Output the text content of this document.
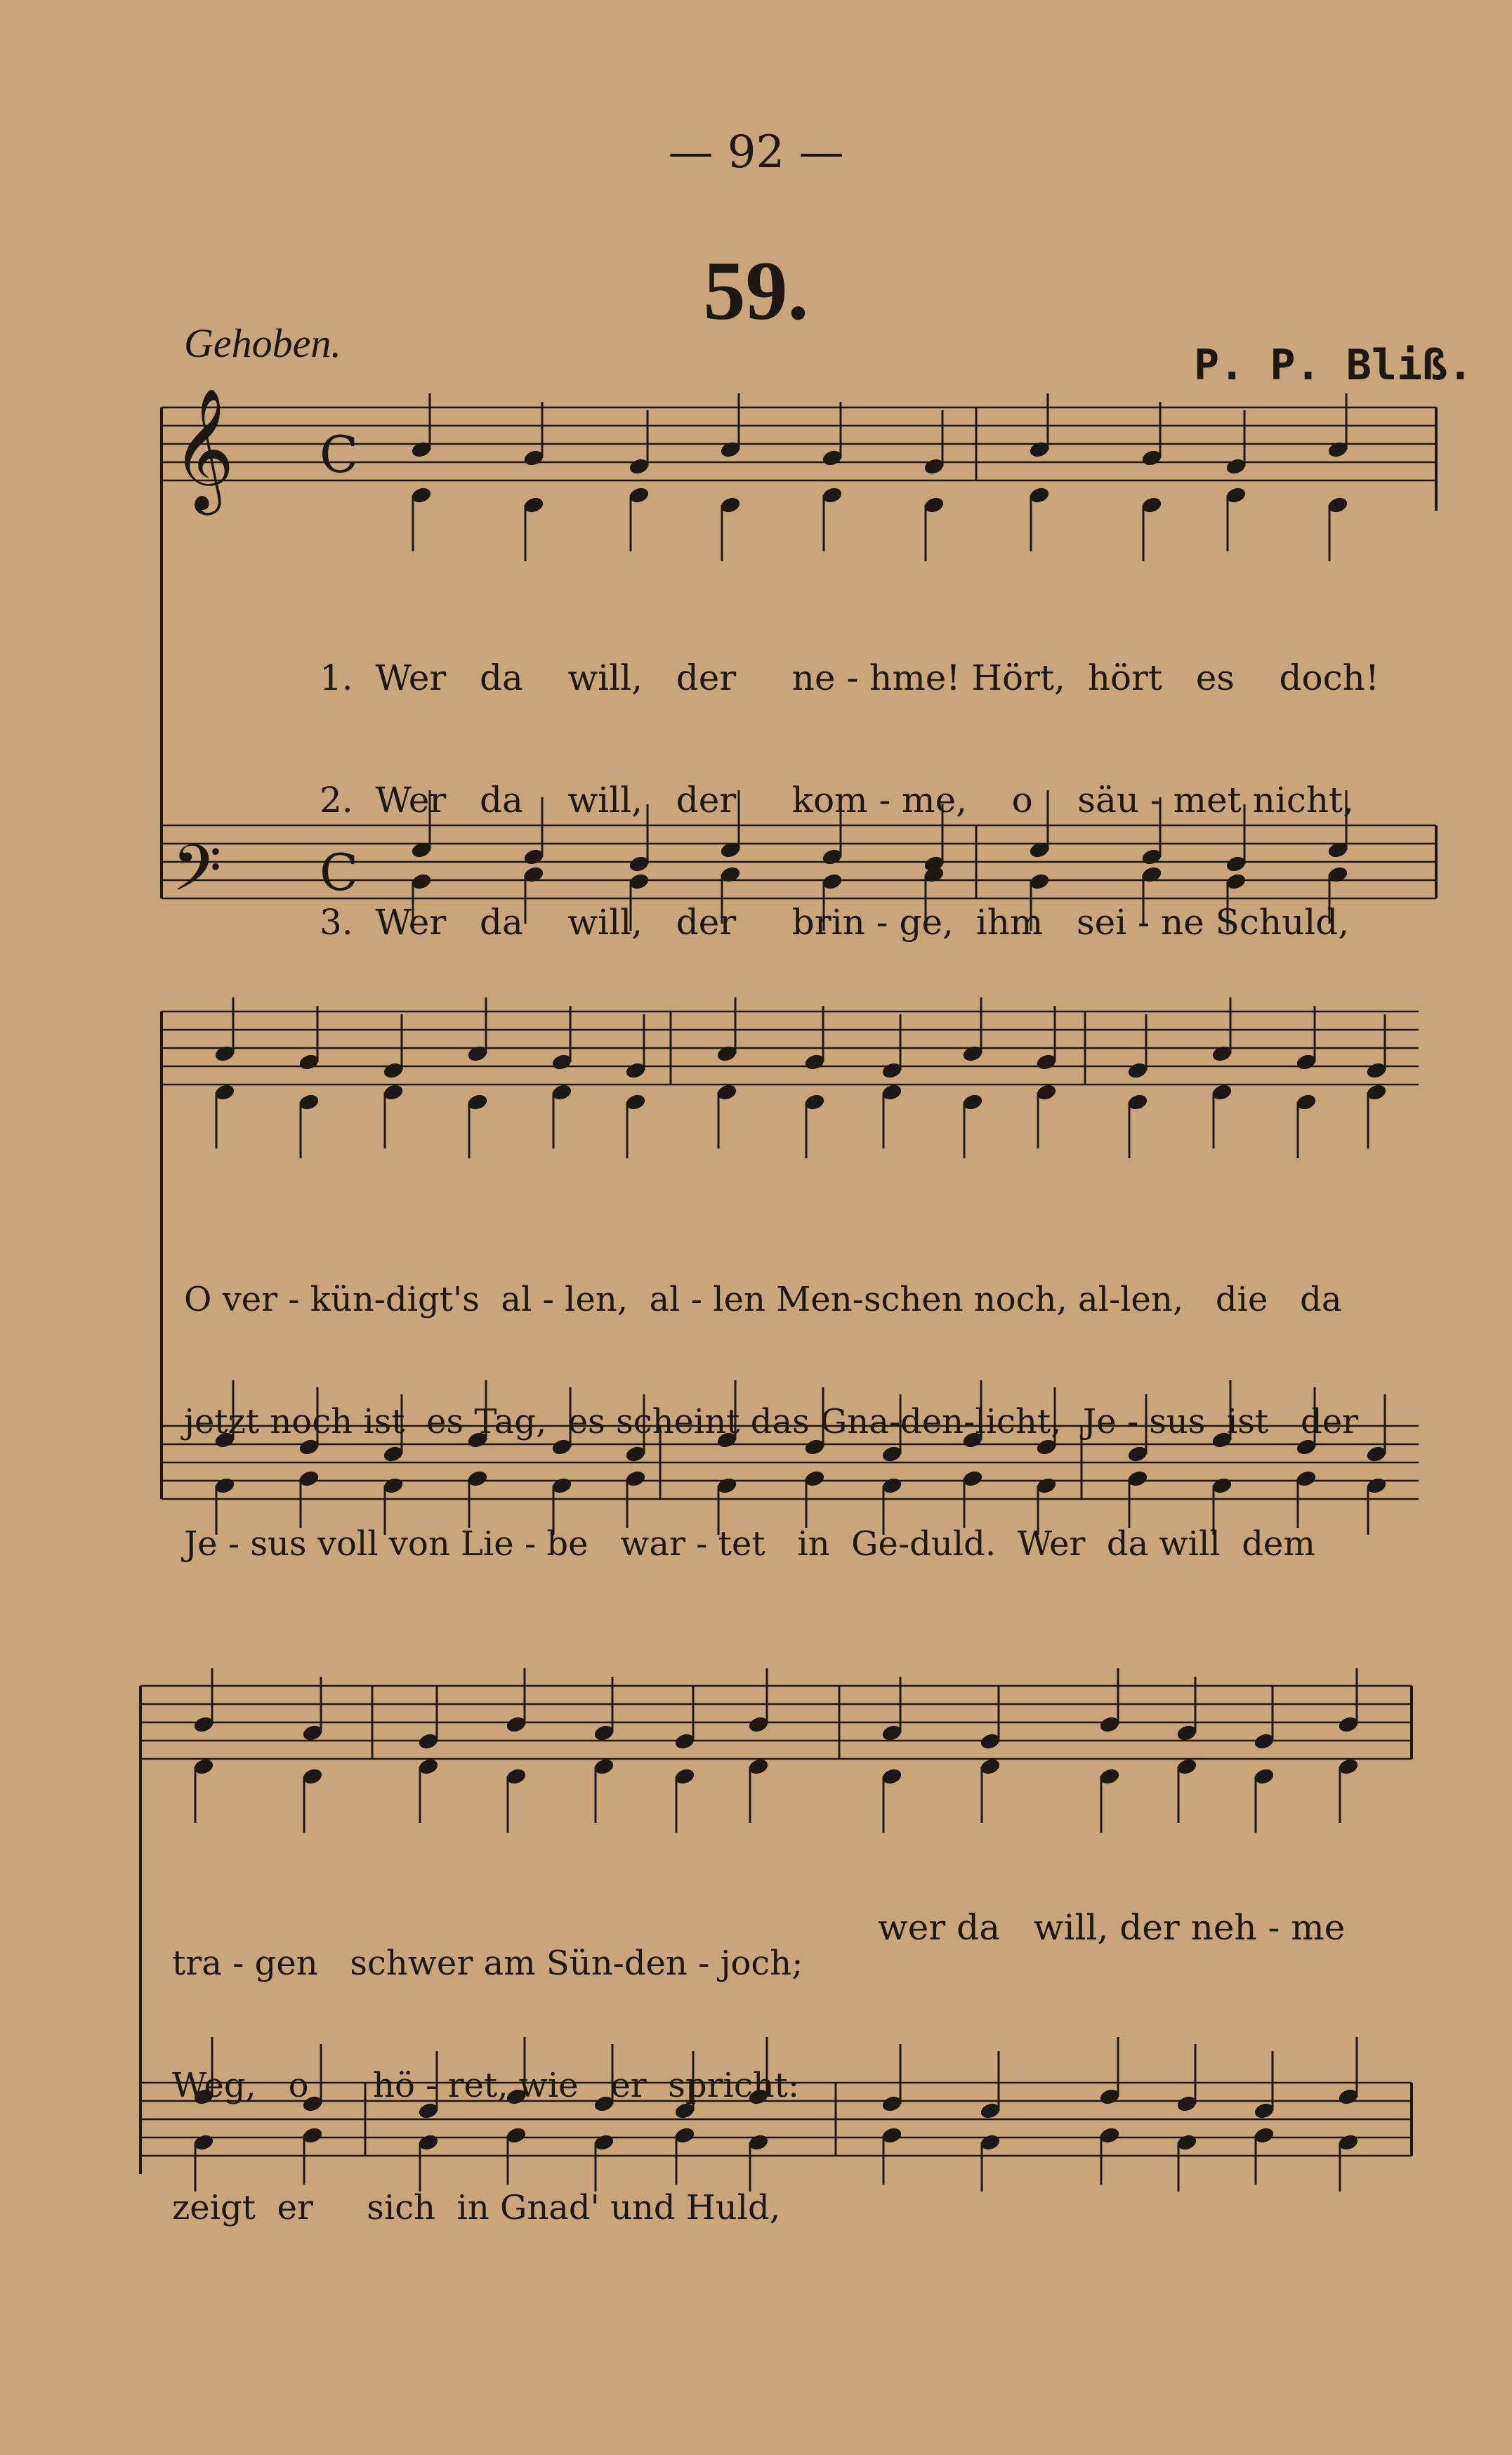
— 92 —
59.
Gehoben.	P. P. Bliß.
𝄞
𝄢
C
C

1.  Wer   da    will,   der     ne - hme! Hört,  hört   es    doch!

2.  Wer   da    will,   der     kom - me,    o    säu - met nicht,

3.  Wer   da    will,   der     brin - ge,  ihm   sei - ne Schuld,

O ver - kün-digt's  al - len,  al - len Men-schen noch, al-len,   die   da

jetzt noch ist  es Tag,  es scheint das Gna-den-licht,  Je - sus  ist   der

Je - sus voll von Lie - be   war - tet   in  Ge-duld.  Wer  da will  dem

tra - gen   schwer am Sün-den - joch;

Weg,   o      hö - ret, wie   er  spricht:

zeigt  er     sich  in Gnad' und Huld,

wer da   will, der neh - me
